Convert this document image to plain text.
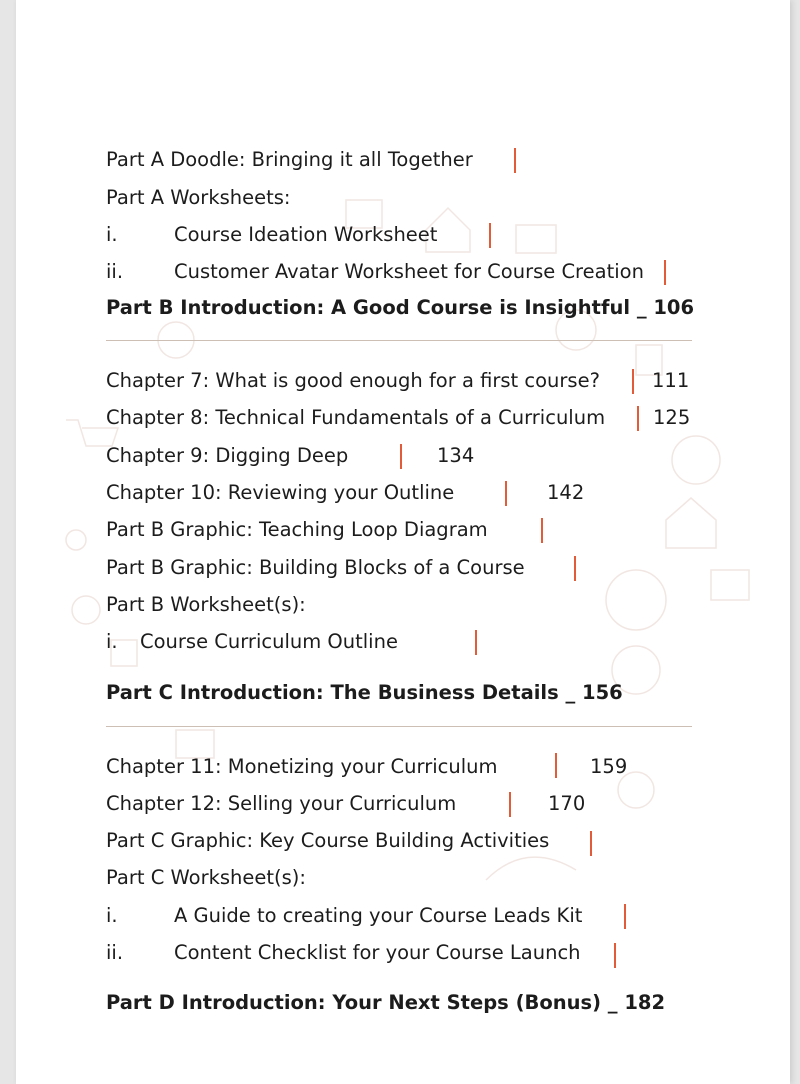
Part A Doodle: Bringing it all Together
Part A Worksheets:
i.	Course Ideation Worksheet
ii.	Customer Avatar Worksheet for Course Creation
Part B Introduction: A Good Course is Insightful _ 106
Chapter 7: What is good enough for a first course?	111
Chapter 8: Technical Fundamentals of a Curriculum 125
Chapter 9: Digging Deep	134
Chapter 10: Reviewing your Outline	142
Part B Graphic: Teaching Loop Diagram
Part B Graphic: Building Blocks of a Course
Part B Worksheet(s):
i. Course Curriculum Outline
Part C Introduction: The Business Details _ 156
Chapter 11: Monetizing your Curriculum	159
Chapter 12: Selling your Curriculum	170
Part C Graphic: Key Course Building Activities
Part C Worksheet(s):
i.	A Guide to creating your Course Leads Kit
ii.	Content Checklist for your Course Launch
Part D Introduction: Your Next Steps (Bonus) _ 182
